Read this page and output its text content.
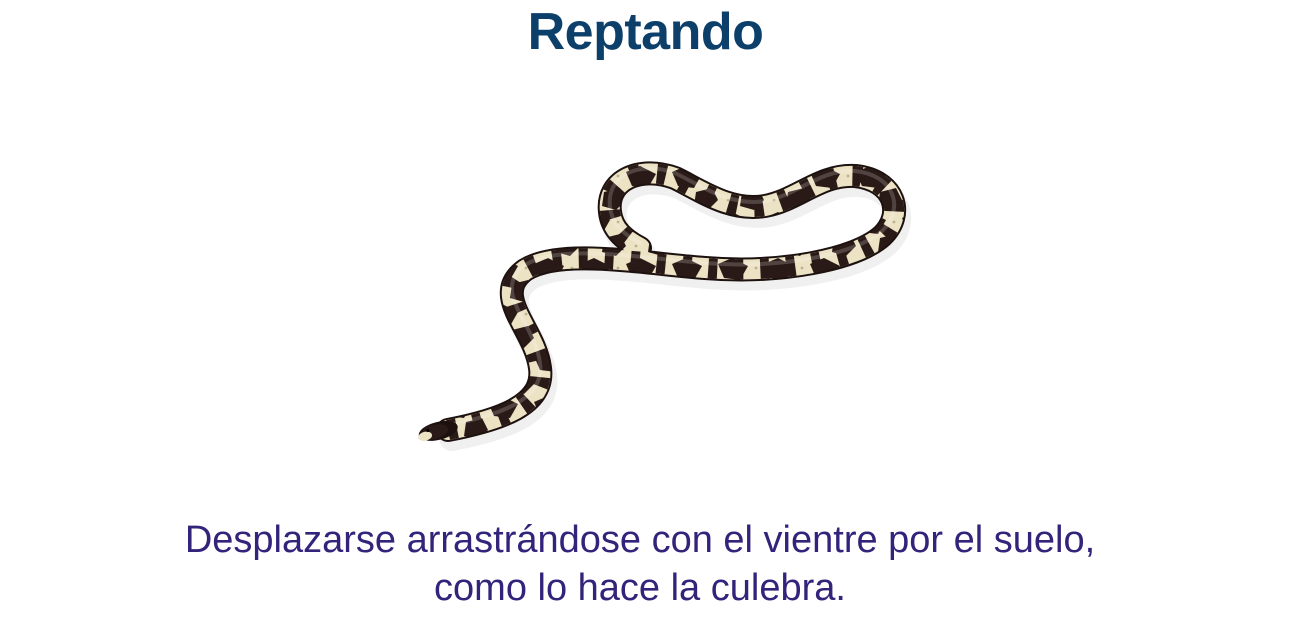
Reptando
Desplazarse arrastrándose con el vientre por el suelo, como lo hace la culebra.
